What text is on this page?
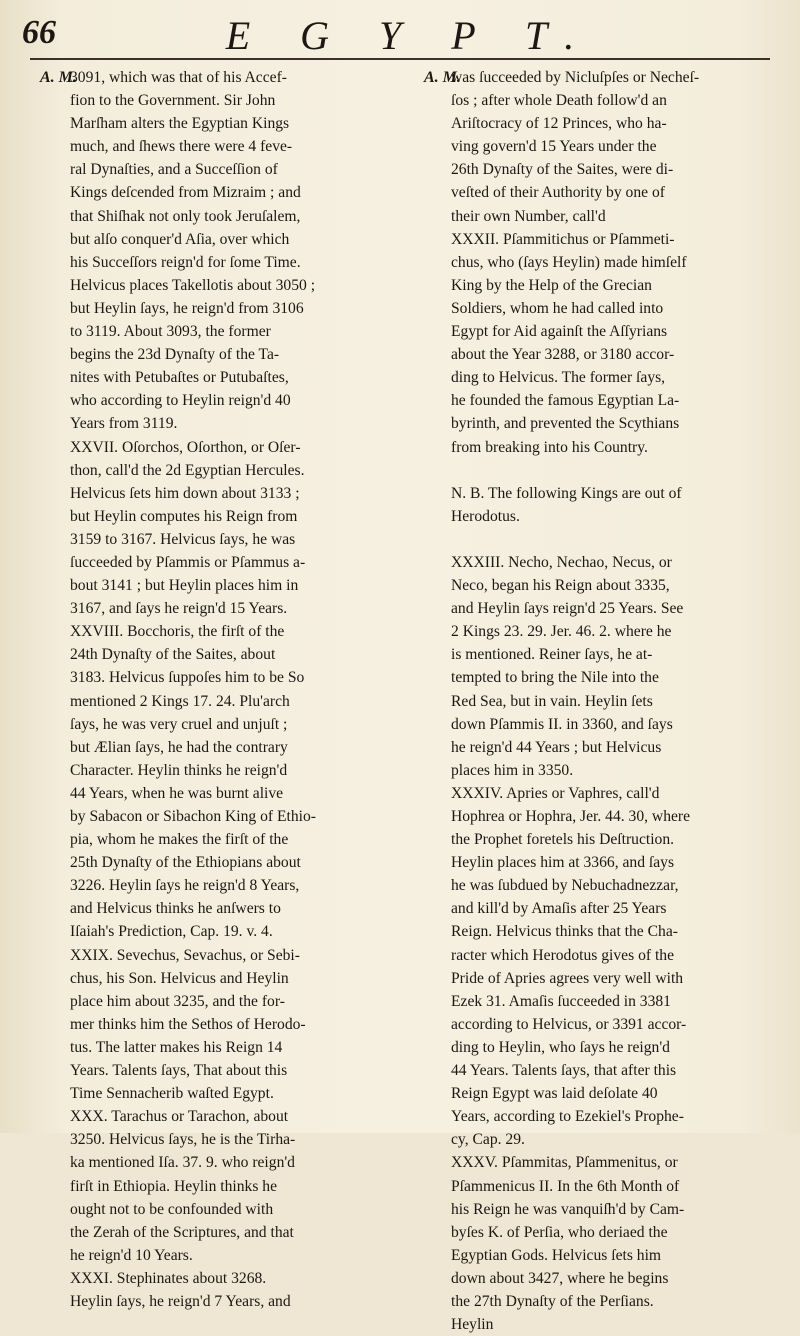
66	E G Y P T.
A. M.	A. M.
3091, which was that of his Accef-
fion to the Government. Sir John
Marſham alters the Egyptian Kings
much, and ſhews there were 4 feve-
ral Dynaſties, and a Succeſſion of
Kings deſcended from Mizraim ; and
that Shiſhak not only took Jeruſalem,
but alſo conquer'd Aſia, over which
his Succeſſors reign'd for ſome Time.
Helvicus places Takellotis about 3050 ;
but Heylin ſays, he reign'd from 3106
to 3119. About 3093, the former
begins the 23d Dynaſty of the Ta-
nites with Petubaſtes or Putubaſtes,
who according to Heylin reign'd 40
Years from 3119.
XXVII. Oſorchos, Oſorthon, or Oſer-
thon, call'd the 2d Egyptian Hercules.
Helvicus ſets him down about 3133 ;
but Heylin computes his Reign from
3159 to 3167. Helvicus ſays, he was
ſucceeded by Pſammis or Pſammus a-
bout 3141 ; but Heylin places him in
3167, and ſays he reign'd 15 Years.
XXVIII. Bocchoris, the firſt of the
24th Dynaſty of the Saites, about
3183. Helvicus ſuppoſes him to be So
mentioned 2 Kings 17. 24. Plu'arch
ſays, he was very cruel and unjuſt ;
but Ælian ſays, he had the contrary
Character. Heylin thinks he reign'd
44 Years, when he was burnt alive
by Sabacon or Sibachon King of Ethio-
pia, whom he makes the firſt of the
25th Dynaſty of the Ethiopians about
3226. Heylin ſays he reign'd 8 Years,
and Helvicus thinks he anſwers to
Iſaiah's Prediction, Cap. 19. v. 4.
XXIX. Sevechus, Sevachus, or Sebi-
chus, his Son. Helvicus and Heylin
place him about 3235, and the for-
mer thinks him the Sethos of Herodo-
tus. The latter makes his Reign 14
Years. Talents ſays, That about this
Time Sennacherib waſted Egypt.
XXX. Tarachus or Tarachon, about
3250. Helvicus ſays, he is the Tirha-
ka mentioned Iſa. 37. 9. who reign'd
firſt in Ethiopia. Heylin thinks he
ought not to be confounded with
the Zerah of the Scriptures, and that
he reign'd 10 Years.
XXXI. Stephinates about 3268.
Heylin ſays, he reign'd 7 Years, and
was ſucceeded by Nicluſpſes or Necheſ-
ſos ; after whole Death follow'd an
Ariſtocracy of 12 Princes, who ha-
ving govern'd 15 Years under the
26th Dynaſty of the Saites, were di-
veſted of their Authority by one of
their own Number, call'd
XXXII. Pſammitichus or Pſammeti-
chus, who (ſays Heylin) made himſelf
King by the Help of the Grecian
Soldiers, whom he had called into
Egypt for Aid againſt the Aſſyrians
about the Year 3288, or 3180 accor-
ding to Helvicus. The former ſays,
he founded the famous Egyptian La-
byrinth, and prevented the Scythians
from breaking into his Country.
N. B. The following Kings are out of
Herodotus.
XXXIII. Necho, Nechao, Necus, or
Neco, began his Reign about 3335,
and Heylin ſays reign'd 25 Years. See
2 Kings 23. 29. Jer. 46. 2. where he
is mentioned. Reiner ſays, he at-
tempted to bring the Nile into the
Red Sea, but in vain. Heylin ſets
down Pſammis II. in 3360, and ſays
he reign'd 44 Years ; but Helvicus
places him in 3350.
XXXIV. Apries or Vaphres, call'd
Hophrea or Hophra, Jer. 44. 30, where
the Prophet foretels his Deſtruction.
Heylin places him at 3366, and ſays
he was ſubdued by Nebuchadnezzar,
and kill'd by Amaſis after 25 Years
Reign. Helvicus thinks that the Cha-
racter which Herodotus gives of the
Pride of Apries agrees very well with
Ezek 31. Amaſis ſucceeded in 3381
according to Helvicus, or 3391 accor-
ding to Heylin, who ſays he reign'd
44 Years. Talents ſays, that after this
Reign Egypt was laid deſolate 40
Years, according to Ezekiel's Prophe-
cy, Cap. 29.
XXXV. Pſammitas, Pſammenitus, or
Pſammenicus II. In the 6th Month of
his Reign he was vanquiſh'd by Cam-
byſes K. of Perſia, who deriaed the
Egyptian Gods. Helvicus ſets him
down about 3427, where he begins
the 27th Dynaſty of the Perſians.
Heylin
